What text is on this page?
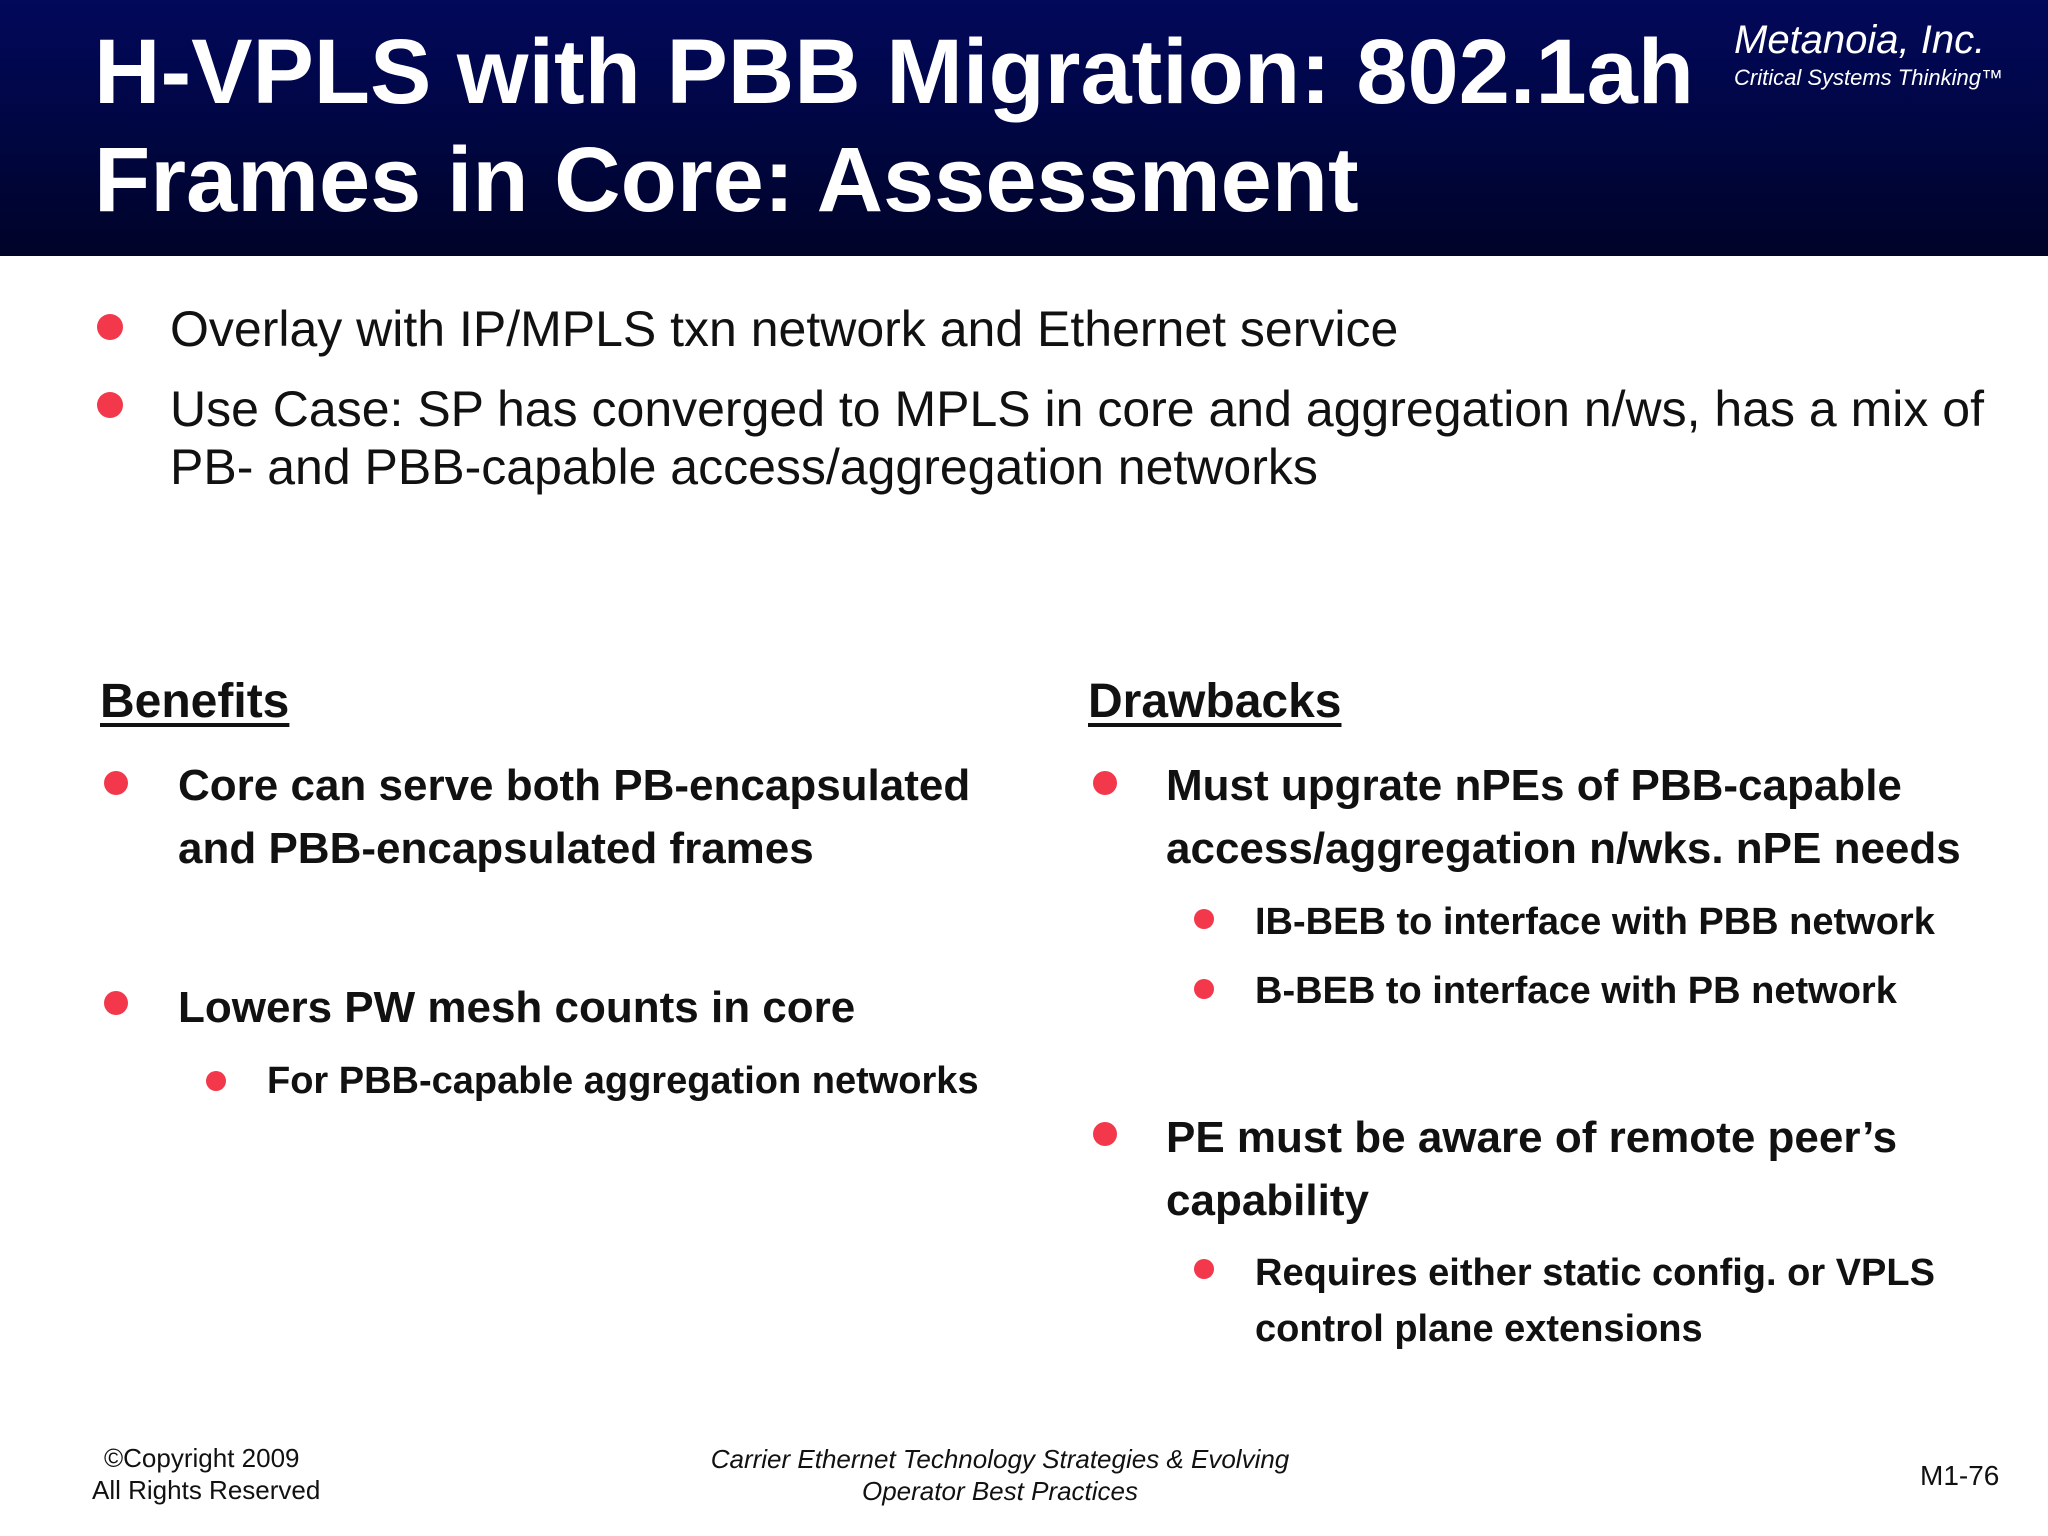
H-VPLS with PBB Migration: 802.1ah Frames in Core: Assessment
Metanoia, Inc.
Critical Systems Thinking™

Overlay with IP/MPLS txn network and Ethernet service

Use Case: SP has converged to MPLS in core and aggregation n/ws, has a mix of PB- and PBB-capable access/aggregation networks

Benefits

Core can serve both PB-encapsulated and PBB-encapsulated frames

Lowers PW mesh counts in core

For PBB-capable aggregation networks

Drawbacks

Must upgrate nPEs of PBB-capable access/aggregation n/wks. nPE needs

IB-BEB to interface with PBB network

B-BEB to interface with PB network

PE must be aware of remote peer’s capability

Requires either static config. or VPLS control plane extensions

©Copyright 2009
All Rights Reserved
Carrier Ethernet Technology Strategies & Evolving
Operator Best Practices	M1-76
